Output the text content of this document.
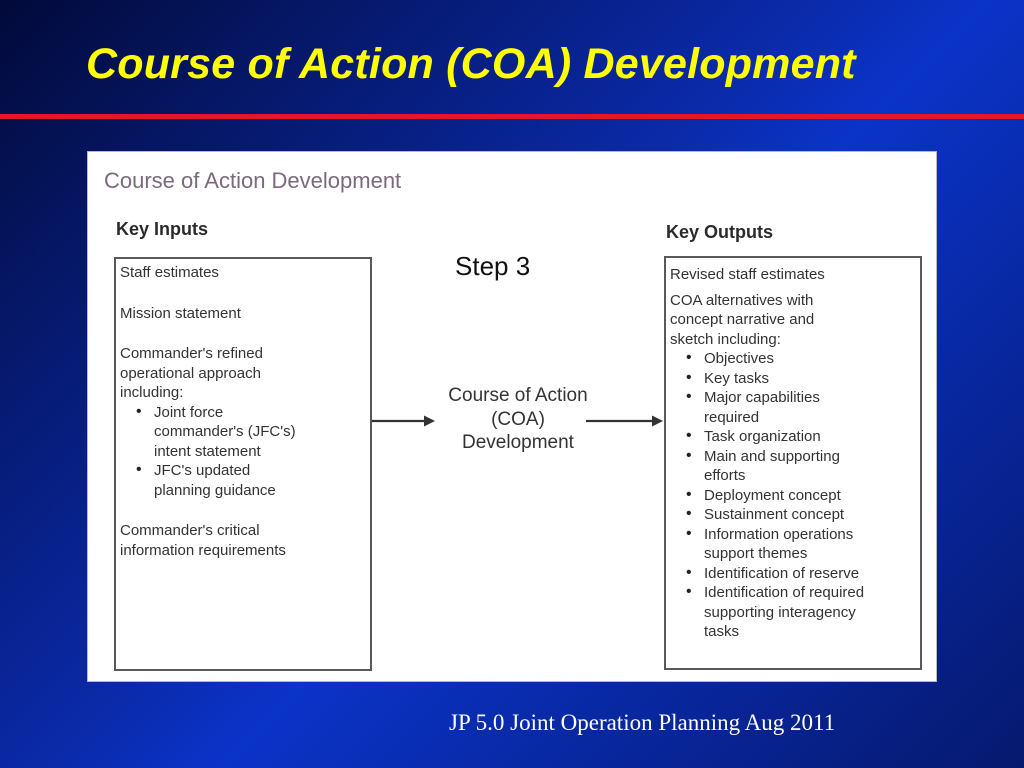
Course of Action (COA) Development
Course of Action Development
Key Inputs	Key Outputs

Staff estimates

Mission statement

Commander's refined
operational approach
including:
• Joint force
commander's (JFC's)
intent statement
• JFC's updated
planning guidance
Commander's critical
information requirements
Step 3
Course of Action
(COA)
Development

Revised staff estimates

COA alternatives with
concept narrative and
sketch including:
• Objectives
• Key tasks
• Major capabilities
required
• Task organization
• Main and supporting
efforts
• Deployment concept
• Sustainment concept
• Information operations
support themes
• Identification of reserve
• Identification of required
supporting interagency
tasks
JP 5.0 Joint Operation Planning Aug 2011
